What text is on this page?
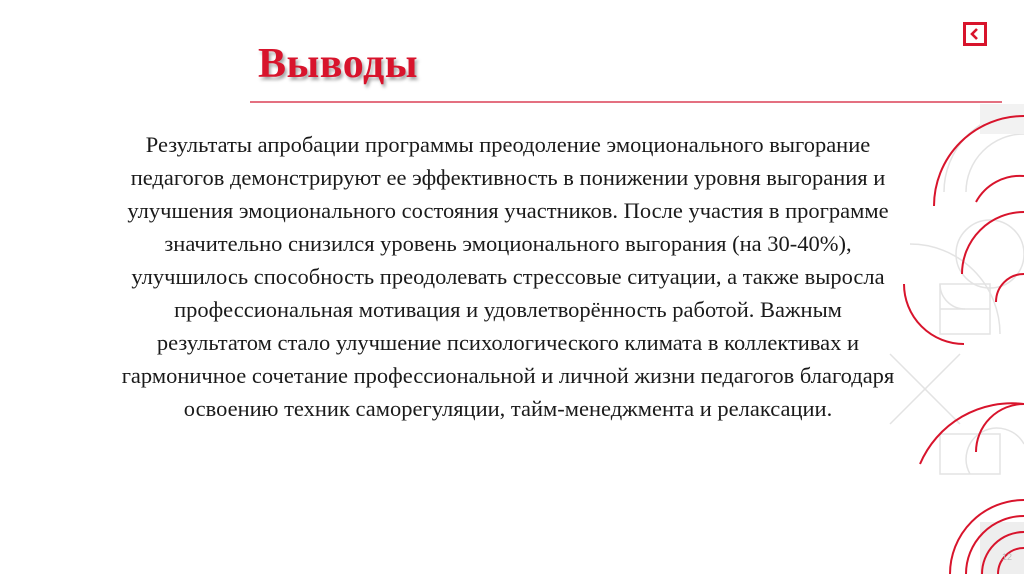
Выводы

Результаты апробации программы преодоление эмоционального выгорание педагогов демонстрируют ее эффективность в понижении уровня выгорания и улучшения эмоционального состояния участников. После участия в программе значительно снизился уровень эмоционального выгорания (на 30-40%), улучшилось способность преодолевать стрессовые ситуации, а также выросла профессиональная мотивация и удовлетворённость работой. Важным результатом стало улучшение психологического климата в коллективах и гармоничное сочетание профессиональной и личной жизни педагогов благодаря освоению техник саморегуляции, тайм-менеджмента и релаксации.

12
